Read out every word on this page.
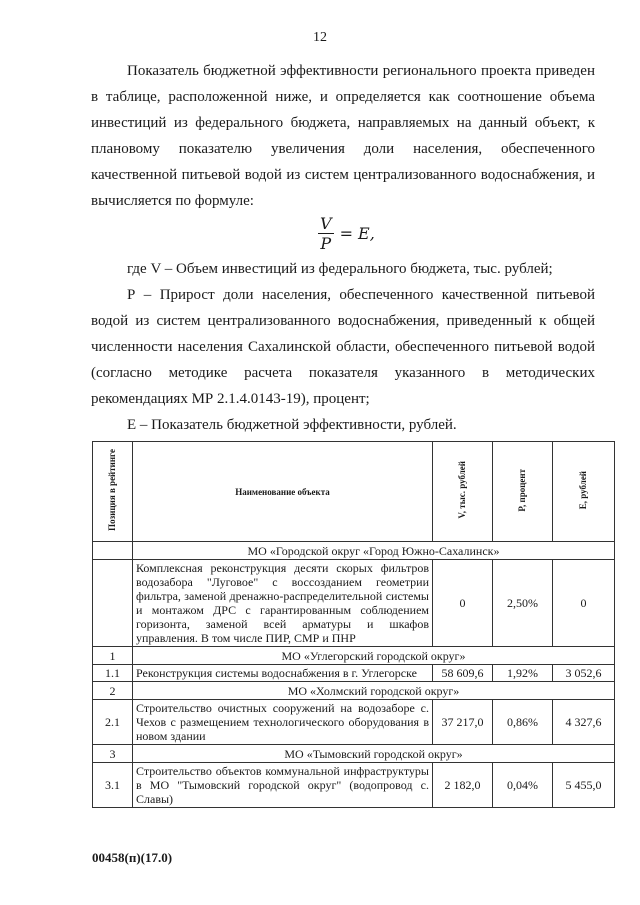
12

Показатель бюджетной эффективности регионального проекта приведен в таблице, расположенной ниже, и определяется как соотношение объема инвестиций из федерального бюджета, направляемых на данный объект, к плановому показателю увеличения доли населения, обеспеченного качественной питьевой водой из систем централизованного водоснабжения, и вычисляется по формуле:

$\frac{V}{P} = E$,

где V – Объем инвестиций из федерального бюджета, тыс. рублей;

Р – Прирост доли населения, обеспеченного качественной питьевой водой из систем централизованного водоснабжения, приведенный к общей численности населения Сахалинской области, обеспеченного питьевой водой (согласно методике расчета показателя указанного в методических рекомендациях МР 2.1.4.0143-19), процент;

Е – Показатель бюджетной эффективности, рублей.

Позиция в рейтинге	Наименование объекта	V, тыс. рублей	P, процент	E, рублей
	МО «Городской округ «Город Южно-Сахалинск»			
	Комплексная реконструкция десяти скорых фильтров водозабора "Луговое" с воссозданием геометрии фильтра, заменой дренажно-распределительной системы и монтажом ДРС с гарантированным соблюдением горизонта, заменой всей арматуры и шкафов управления. В том числе ПИР, СМР и ПНР	0	2,50%	0
1	МО «Углегорский городской округ»			
1.1	Реконструкция системы водоснабжения в г. Углегорске	58 609,6	1,92%	3 052,6
2	МО «Холмский городской округ»			
2.1	Строительство очистных сооружений на водозаборе с. Чехов с размещением технологического оборудования в новом здании	37 217,0	0,86%	4 327,6
3	МО «Тымовский городской округ»			
3.1	Строительство объектов коммунальной инфраструктуры в МО "Тымовский городской округ" (водопровод с. Славы)	2 182,0	0,04%	5 455,0
00458(п)(17.0)
